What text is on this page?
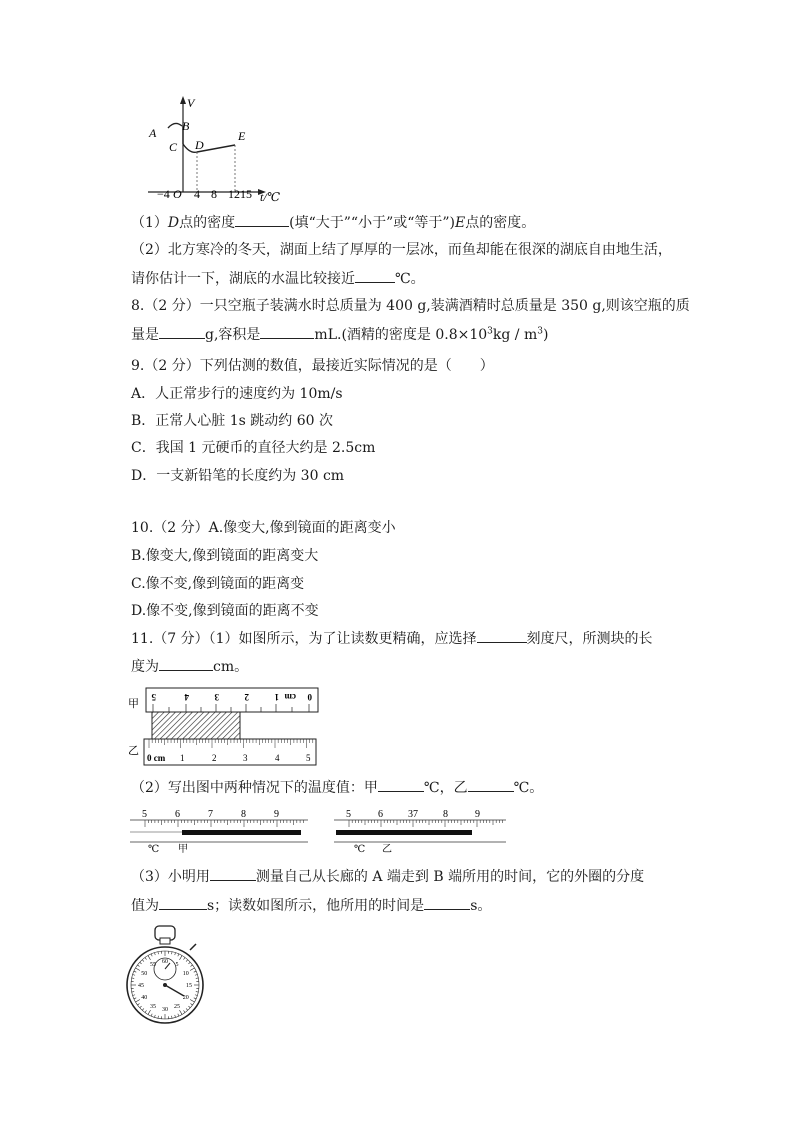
V
t/℃
A B
C D
E
−4 O 4 8 1215
（1）D点的密度	(填“大于”“小于”或“等于”)E点的密度。
（2）北方寒冷的冬天，湖面上结了厚厚的一层冰，而鱼却能在很深的湖底自由地生活，
请你估计一下，湖底的水温比较接近	℃。
8.（2 分）一只空瓶子装满水时总质量为 400 g,装满酒精时总质量是 350 g,则该空瓶的质
量是	g,容积是	mL.(酒精的密度是 $0.8\times 10^3kg / m^3$)
9.（2 分）下列估测的数值，最接近实际情况的是（　　）
A．人正常步行的速度约为 10m/s
B．正常人心脏 1s 跳动约 60 次
C．我国 1 元硬币的直径大约是 2.5cm
D．一支新铅笔的长度约为 30 cm
10.（2 分）A.像变大,像到镜面的距离变小
B.像变大,像到镜面的距离变大
C.像不变,像到镜面的距离变
D.像不变,像到镜面的距离不变
11.（7 分）（1）如图所示，为了让读数更精确，应选择	刻度尺，所测块的长
度为	cm。
甲
乙
5	4	3	2	1 cm 0
0 cm 1	2	3	4	5
（2）写出图中两种情况下的温度值：甲	℃，乙	℃。
5	6	7	8	9
℃ 甲
5	6	37	8	9
℃ 乙
（3）小明用	测量自己从长廊的 A 端走到 B 端所用的时间，它的外圈的分度
值为	s；读数如图所示，他所用的时间是	s。
60
5
10
15
20
25
30
35
40
45
50
55
